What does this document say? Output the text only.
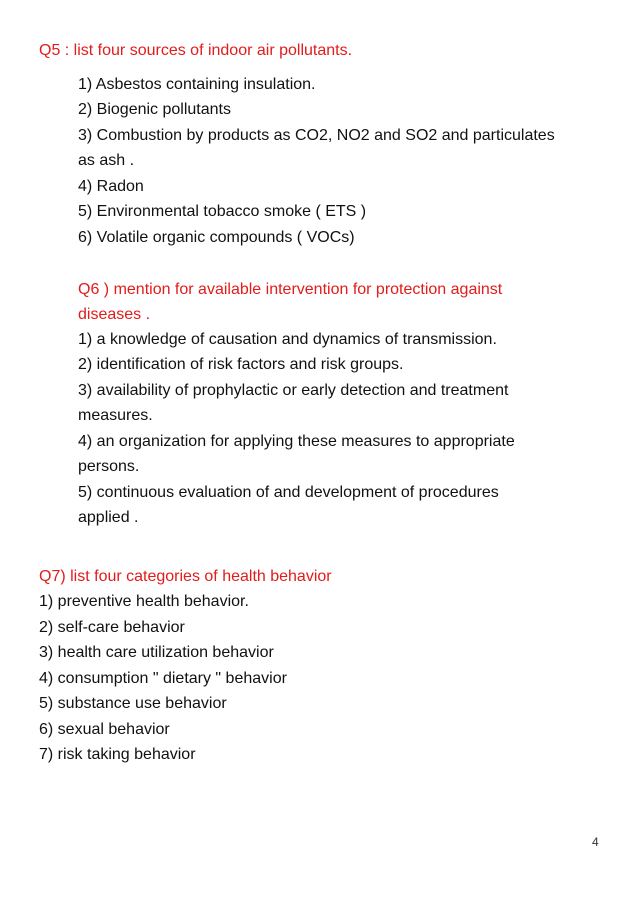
Q5 : list four sources of indoor air pollutants.
1) Asbestos containing insulation.
2) Biogenic pollutants
3) Combustion by products as CO2, NO2 and SO2 and particulates
as ash .
4) Radon
5) Environmental tobacco smoke ( ETS )
6) Volatile organic compounds ( VOCs)
Q6 ) mention for available intervention for protection against
diseases .
1) a knowledge of causation and dynamics of transmission.
2) identification of risk factors and risk groups.
3) availability of prophylactic or early detection and treatment
measures.
4) an organization for applying these measures to appropriate
persons.
5) continuous evaluation of and development of procedures
applied .
Q7) list four categories of health behavior
1) preventive health behavior.
2) self-care behavior
3) health care utilization behavior
4) consumption " dietary " behavior
5) substance use behavior
6) sexual behavior
7) risk taking behavior
4
